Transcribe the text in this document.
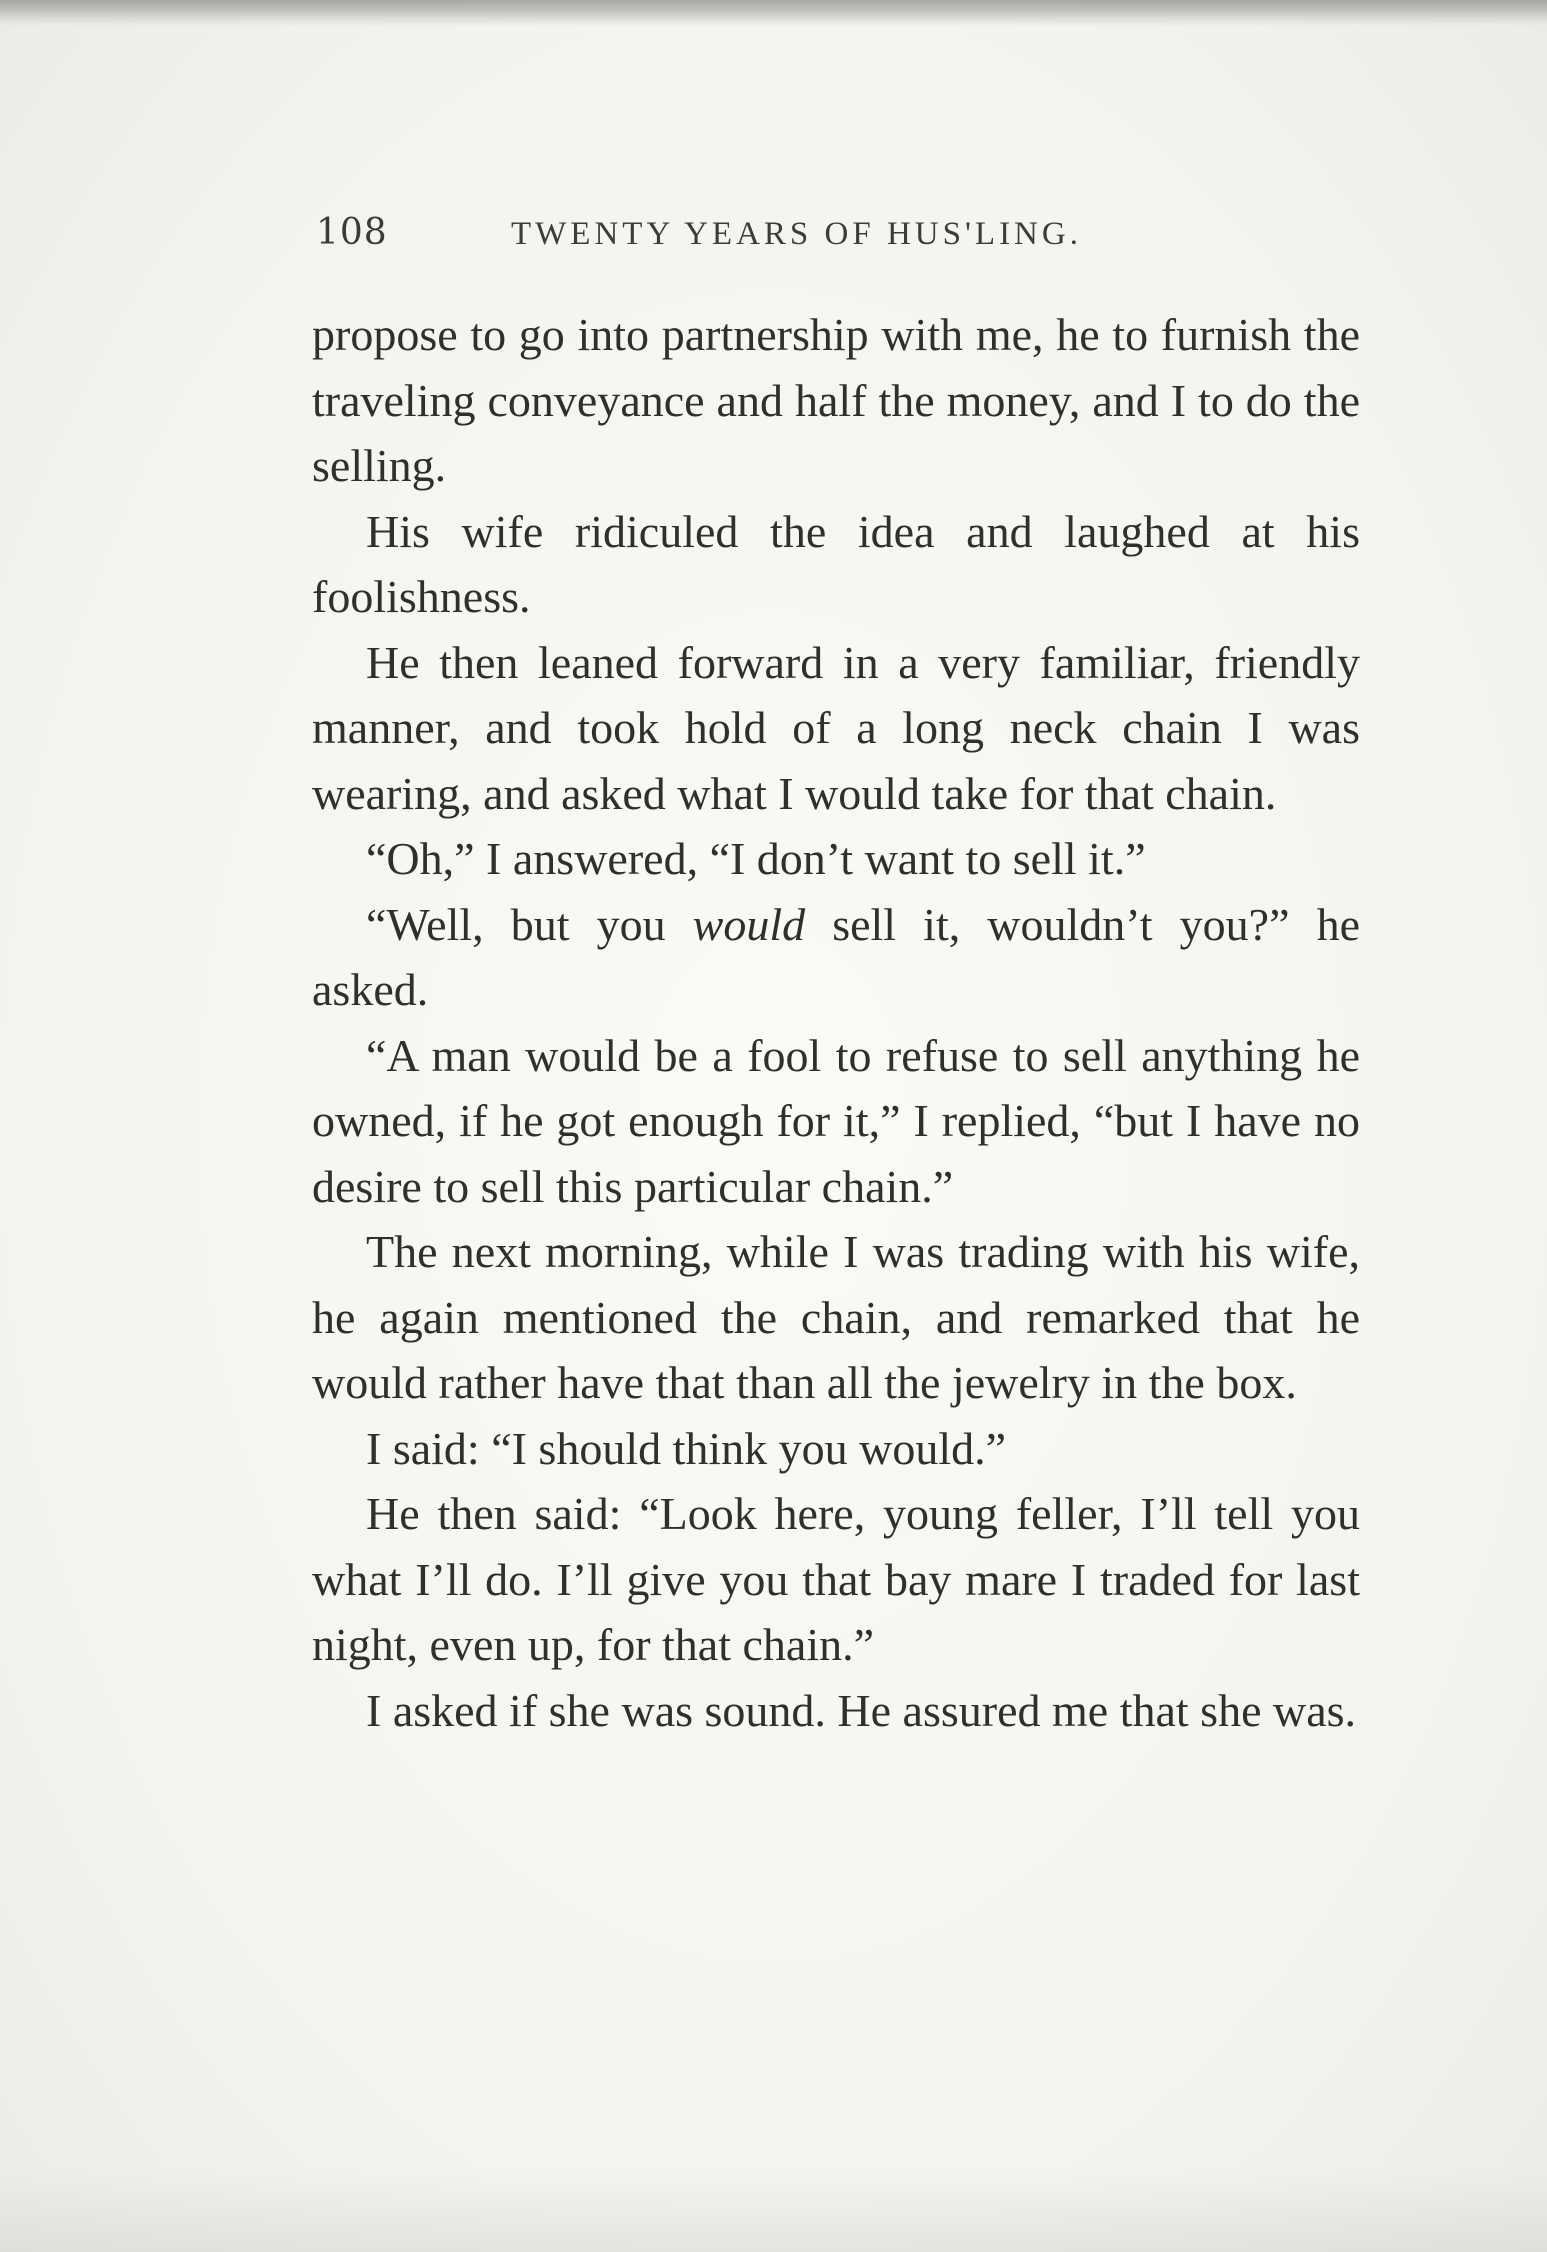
108	TWENTY YEARS OF HUS'LING.

propose to go into partnership with me, he to furnish the traveling conveyance and half the money, and I to do the selling.

His wife ridiculed the idea and laughed at his foolishness.

He then leaned forward in a very familiar, friendly manner, and took hold of a long neck chain I was wearing, and asked what I would take for that chain.

“Oh,” I answered, “I don’t want to sell it.”

“Well, but you would sell it, wouldn’t you?” he asked.

“A man would be a fool to refuse to sell anything he owned, if he got enough for it,” I replied, “but I have no desire to sell this particular chain.”

The next morning, while I was trading with his wife, he again mentioned the chain, and remarked that he would rather have that than all the jewelry in the box.

I said: “I should think you would.”

He then said: “Look here, young feller, I’ll tell you what I’ll do. I’ll give you that bay mare I traded for last night, even up, for that chain.”

I asked if she was sound. He assured me that she was.
